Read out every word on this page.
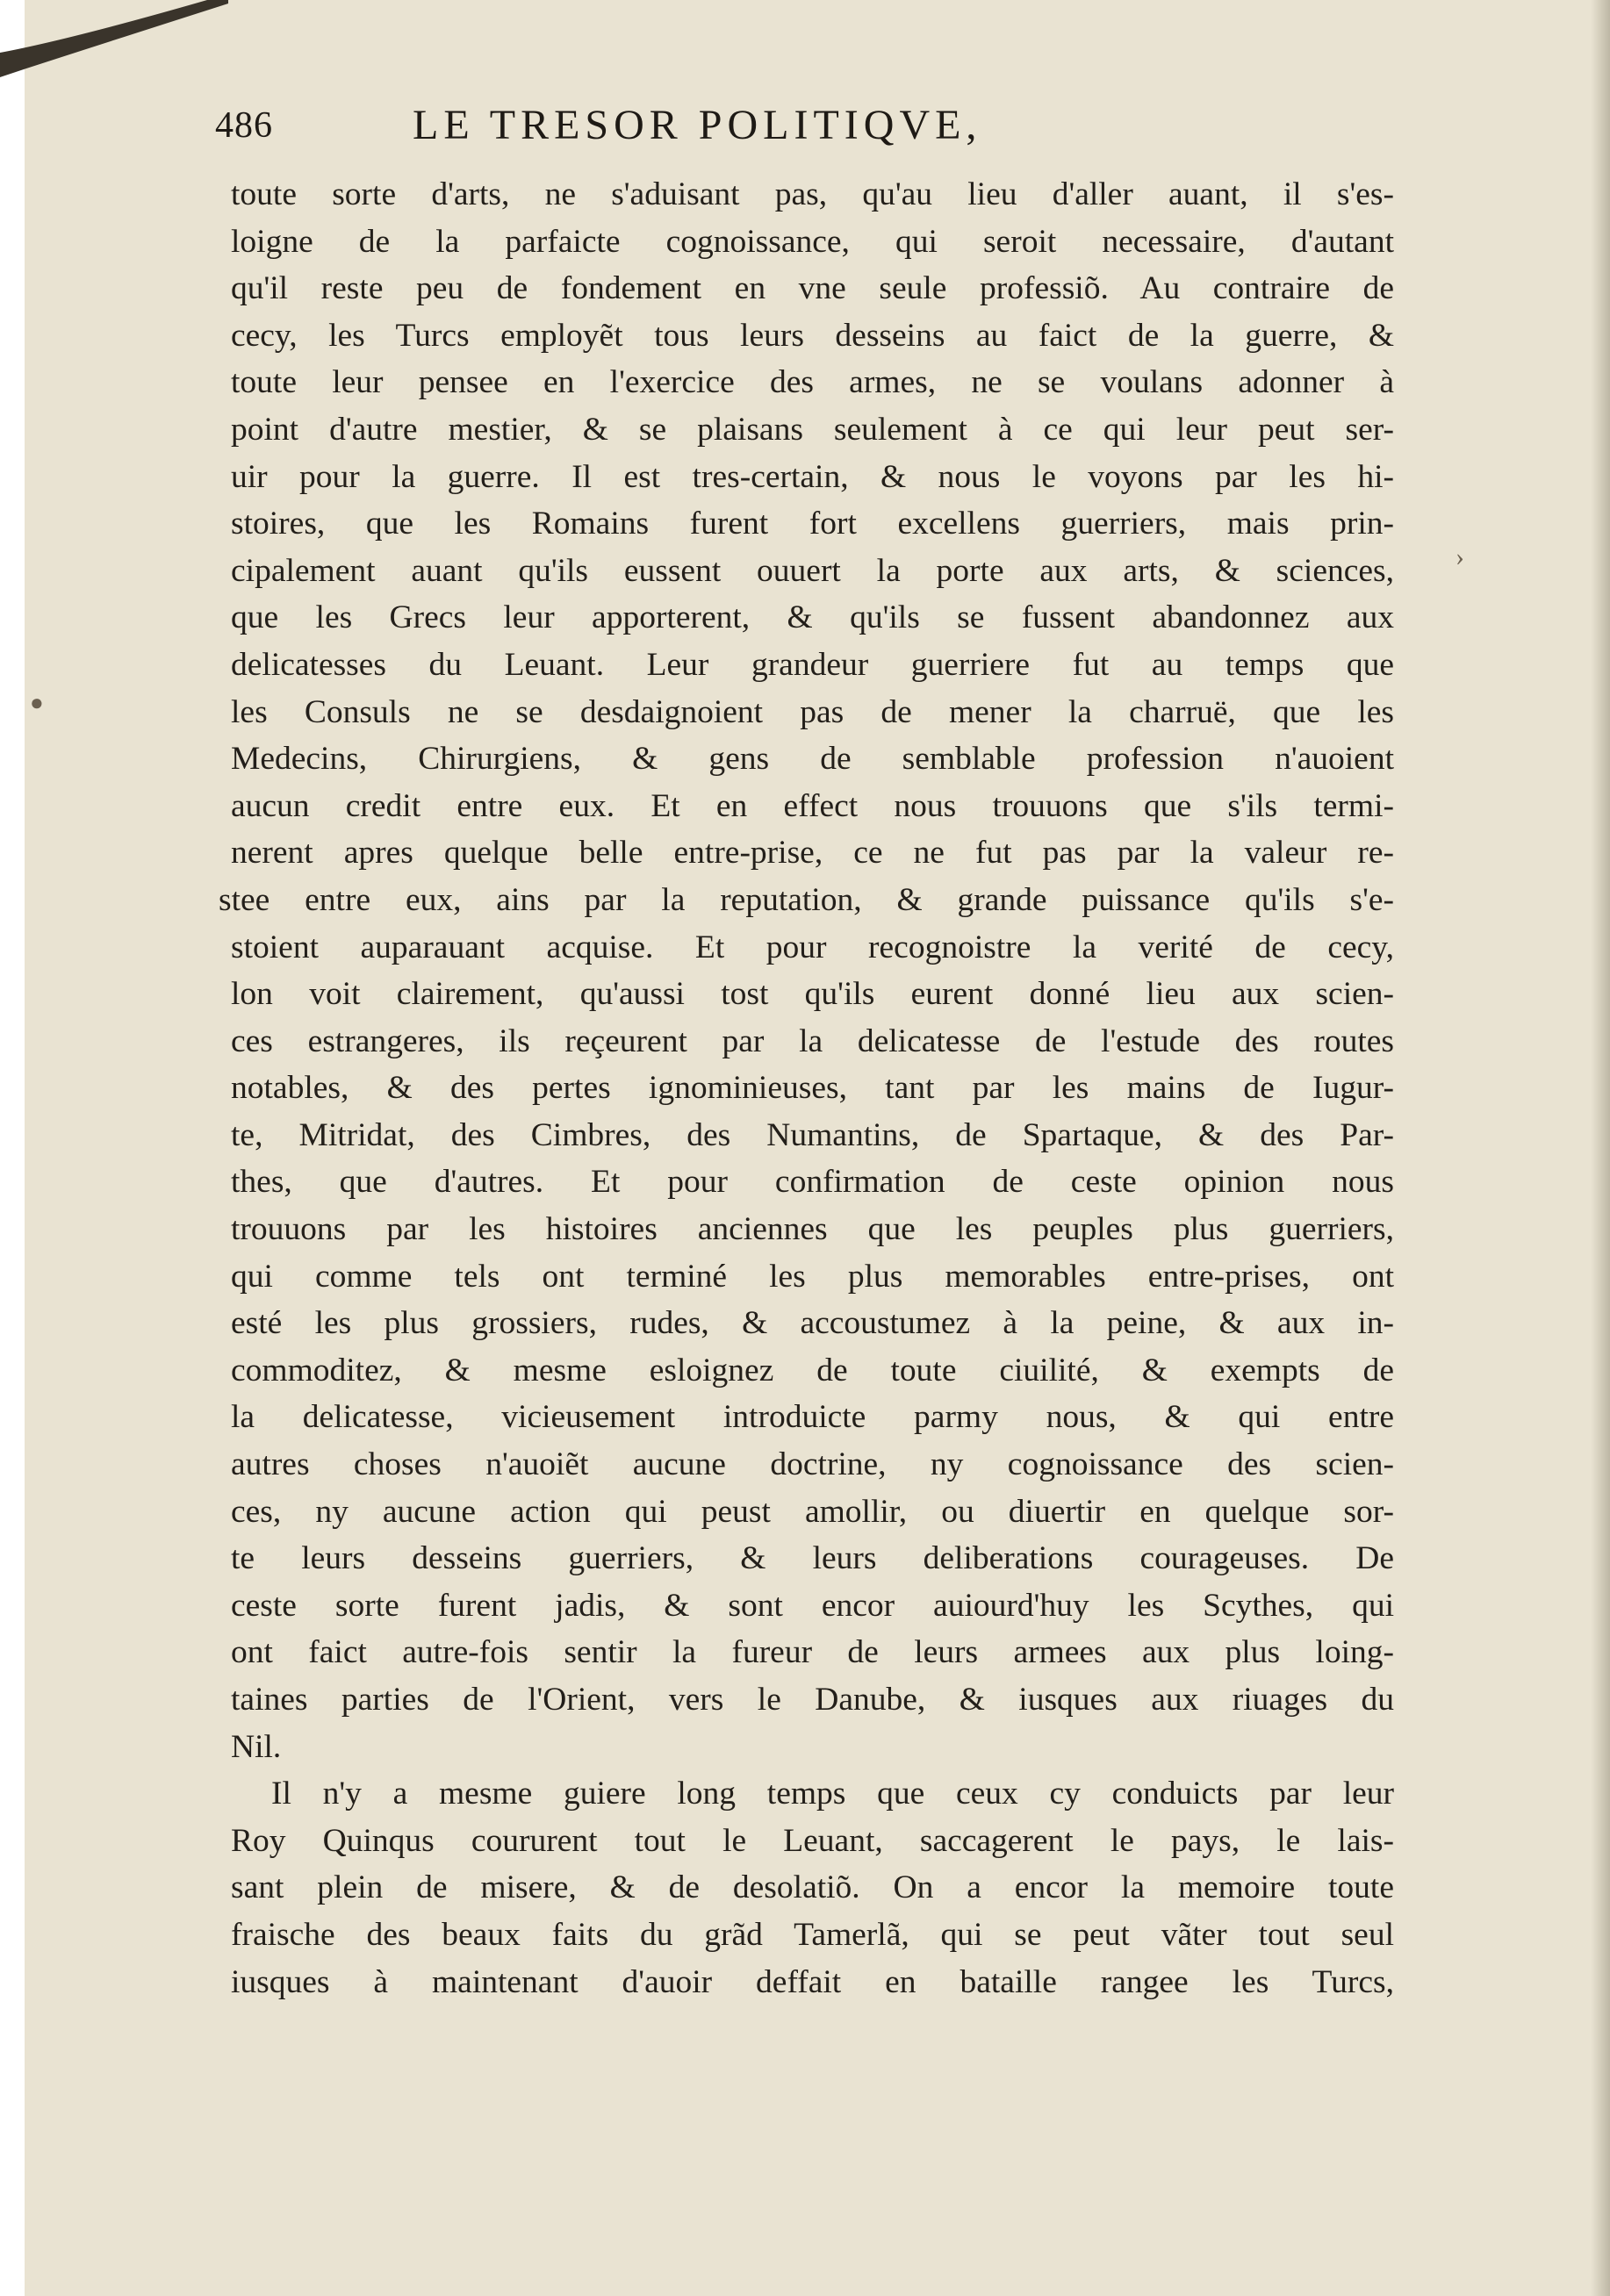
486	LE TRESOR POLITIQVE,
●
›
toute sorte d'arts, ne s'aduisant pas, qu'au lieu d'aller auant, il s'es-
loigne de la parfaicte cognoissance, qui seroit necessaire, d'autant
qu'il reste peu de fondement en vne seule professiõ. Au contraire de
cecy, les Turcs employẽt tous leurs desseins au faict de la guerre, &
toute leur pensee en l'exercice des armes, ne se voulans adonner à
point d'autre mestier, & se plaisans seulement à ce qui leur peut ser-
uir pour la guerre. Il est tres-certain, & nous le voyons par les hi-
stoires, que les Romains furent fort excellens guerriers, mais prin-
cipalement auant qu'ils eussent ouuert la porte aux arts, & sciences,
que les Grecs leur apporterent, & qu'ils se fussent abandonnez aux
delicatesses du Leuant. Leur grandeur guerriere fut au temps que
les Consuls ne se desdaignoient pas de mener la charruë, que les
Medecins, Chirurgiens, & gens de semblable profession n'auoient
aucun credit entre eux. Et en effect nous trouuons que s'ils termi-
nerent apres quelque belle entre-prise, ce ne fut pas par la valeur re-
stee entre eux, ains par la reputation, & grande puissance qu'ils s'e-
stoient auparauant acquise. Et pour recognoistre la verité de cecy,
lon voit clairement, qu'aussi tost qu'ils eurent donné lieu aux scien-
ces estrangeres, ils reçeurent par la delicatesse de l'estude des routes
notables, & des pertes ignominieuses, tant par les mains de Iugur-
te, Mitridat, des Cimbres, des Numantins, de Spartaque, & des Par-
thes, que d'autres. Et pour confirmation de ceste opinion nous
trouuons par les histoires anciennes que les peuples plus guerriers,
qui comme tels ont terminé les plus memorables entre-prises, ont
esté les plus grossiers, rudes, & accoustumez à la peine, & aux in-
commoditez, & mesme esloignez de toute ciuilité, & exempts de
la delicatesse, vicieusement introduicte parmy nous, & qui entre
autres choses n'auoiẽt aucune doctrine, ny cognoissance des scien-
ces, ny aucune action qui peust amollir, ou diuertir en quelque sor-
te leurs desseins guerriers, & leurs deliberations courageuses. De
ceste sorte furent jadis, & sont encor auiourd'huy les Scythes, qui
ont faict autre-fois sentir la fureur de leurs armees aux plus loing-
taines parties de l'Orient, vers le Danube, & iusques aux riuages du
Nil.
Il n'y a mesme guiere long temps que ceux cy conduicts par leur
Roy Quinqus coururent tout le Leuant, saccagerent le pays, le lais-
sant plein de misere, & de desolatiõ. On a encor la memoire toute
fraische des beaux faits du grãd Tamerlã, qui se peut vãter tout seul
iusques à maintenant d'auoir deffait en bataille rangee les Turcs,
